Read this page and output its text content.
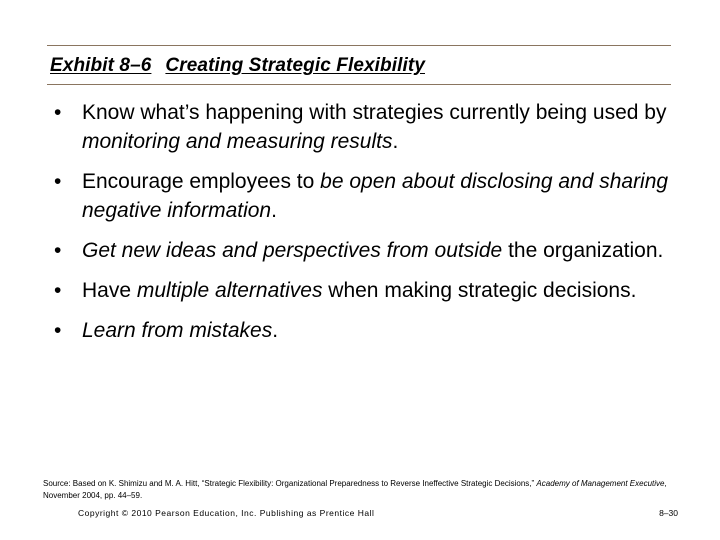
Exhibit 8–6 Creating Strategic Flexibility
• Know what’s happening with strategies currently being used by monitoring and measuring results.
• Encourage employees to be open about disclosing and sharing negative information.
• Get new ideas and perspectives from outside the organization.
• Have multiple alternatives when making strategic decisions.
• Learn from mistakes.
Source: Based on K. Shimizu and M. A. Hitt, “Strategic Flexibility: Organizational Preparedness to Reverse Ineffective Strategic Decisions,” Academy of Management Executive, November 2004, pp. 44–59.
Copyright © 2010 Pearson Education, Inc. Publishing as Prentice Hall	8–30
